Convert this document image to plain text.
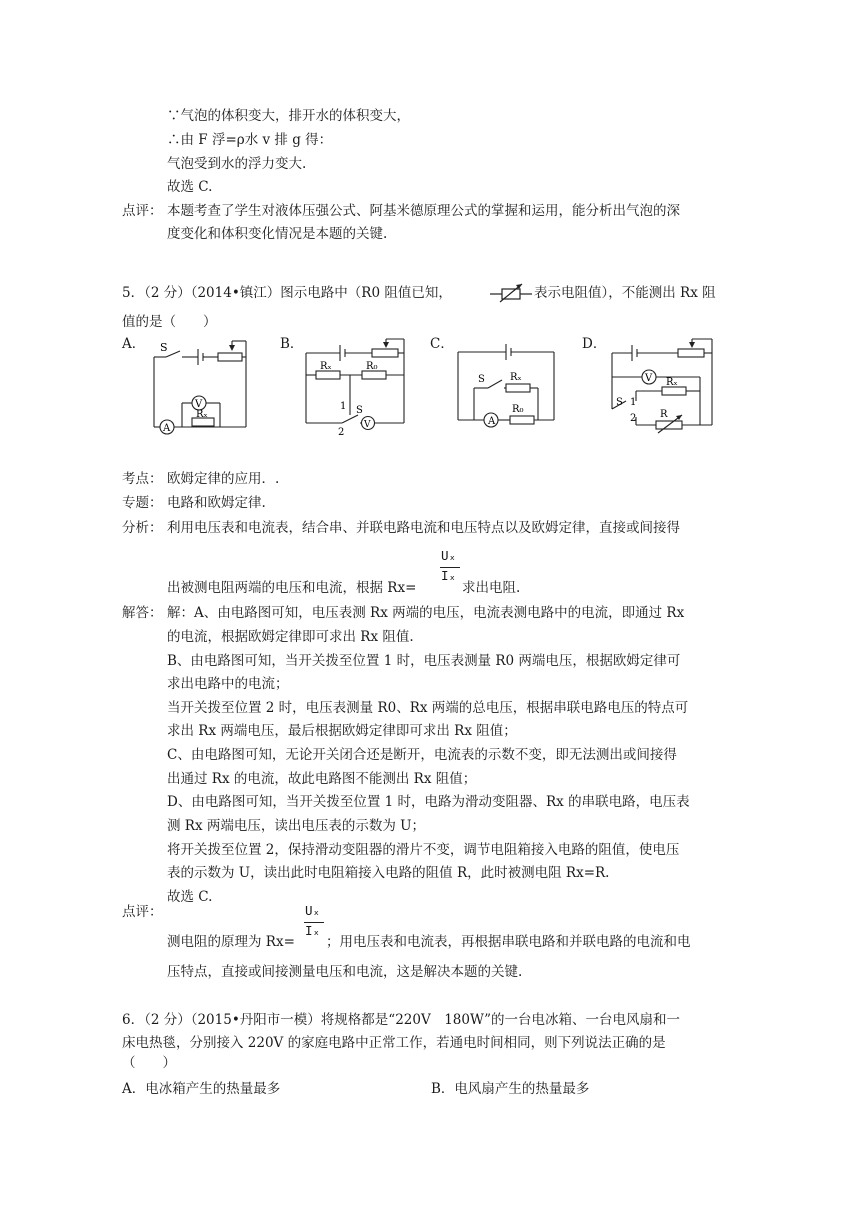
∵气泡的体积变大，排开水的体积变大，
∴由 F 浮=ρ水 v 排 g 得：
气泡受到水的浮力变大.
故选 C.
点评： 本题考查了学生对液体压强公式、阿基米德原理公式的掌握和运用，能分析出气泡的深
度变化和体积变化情况是本题的关键.
5．（2 分）（2014•镇江）图示电路中（R0 阻值已知，	表示电阻值），不能测出 Rx 阻
值的是（　　）
A．	B．	C．	D．
S
V
A
Rₓ
Rₓ	R₀
1
2
S
V
S	Rₓ
A
R₀
V Rₓ
S 1
2 R
考点： 欧姆定律的应用．.
专题： 电路和欧姆定律.
分析： 利用电压表和电流表，结合串、并联电路电流和电压特点以及欧姆定律，直接或间接得
出被测电阻两端的电压和电流，根据 Rx=
Uₓ
Iₓ
求出电阻.
解答： 解：A、由电路图可知，电压表测 Rx 两端的电压，电流表测电路中的电流，即通过 Rx
的电流，根据欧姆定律即可求出 Rx 阻值.
B、由电路图可知，当开关拨至位置 1 时，电压表测量 R0 两端电压，根据欧姆定律可
求出电路中的电流；
当开关拨至位置 2 时，电压表测量 R0、Rx 两端的总电压，根据串联电路电压的特点可
求出 Rx 两端电压，最后根据欧姆定律即可求出 Rx 阻值；
C、由电路图可知，无论开关闭合还是断开，电流表的示数不变，即无法测出或间接得
出通过 Rx 的电流，故此电路图不能测出 Rx 阻值；
D、由电路图可知，当开关拨至位置 1 时，电路为滑动变阻器、Rx 的串联电路，电压表
测 Rx 两端电压，读出电压表的示数为 U；
将开关拨至位置 2，保持滑动变阻器的滑片不变，调节电阻箱接入电路的阻值，使电压
表的示数为 U，读出此时电阻箱接入电路的阻值 R，此时被测电阻 Rx=R.
故选 C.
点评：	Uₓ
Iₓ
测电阻的原理为 Rx= ；用电压表和电流表，再根据串联电路和并联电路的电流和电
压特点，直接或间接测量电压和电流，这是解决本题的关键.
6．（2 分）（2015•丹阳市一模）将规格都是“220V　180W”的一台电冰箱、一台电风扇和一
床电热毯，分别接入 220V 的家庭电路中正常工作，若通电时间相同，则下列说法正确的是
（　　）
A．电冰箱产生的热量最多	B．电风扇产生的热量最多
